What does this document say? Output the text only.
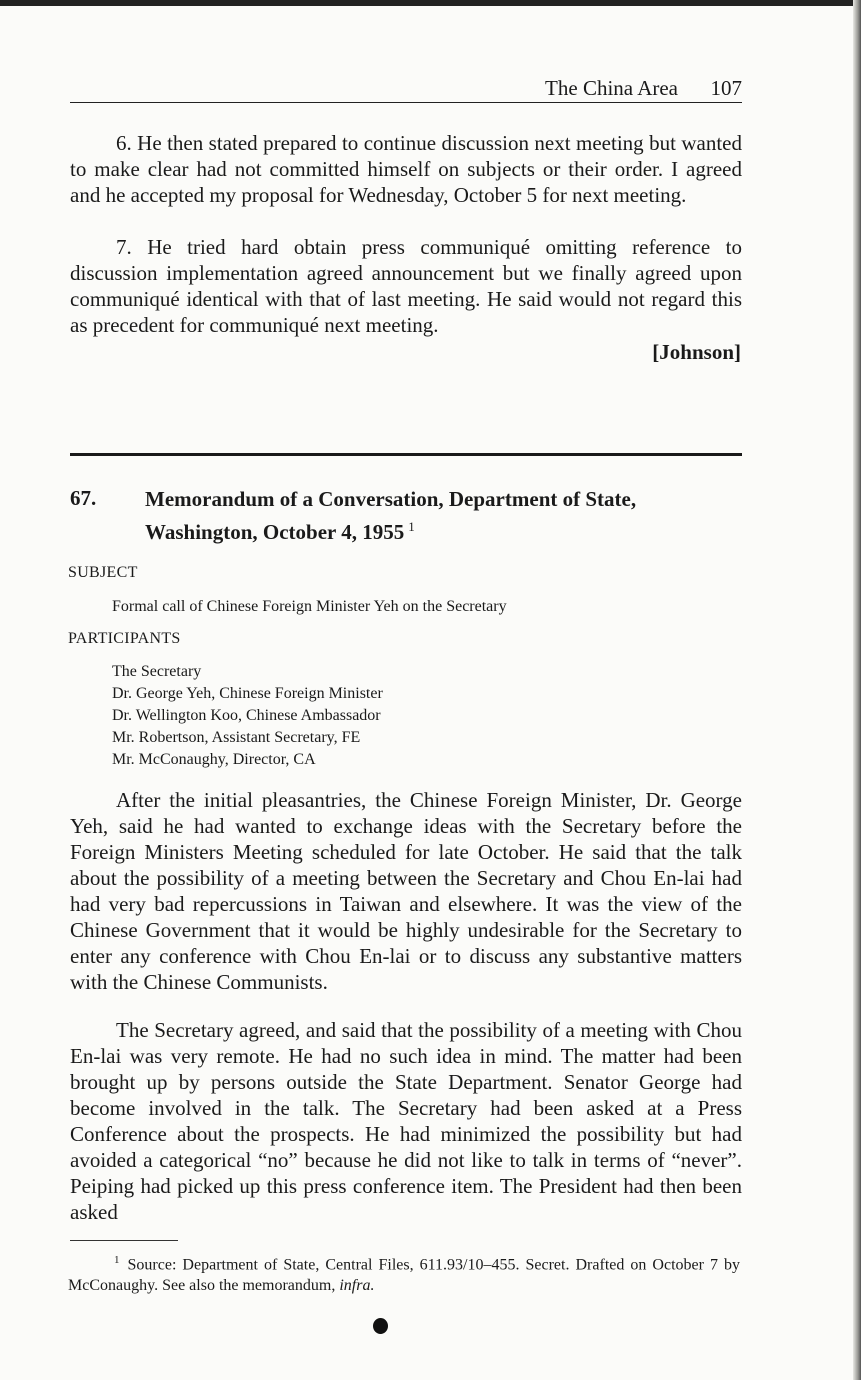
The China Area 107

6. He then stated prepared to continue discussion next meeting but wanted to make clear had not committed himself on subjects or their order. I agreed and he accepted my proposal for Wednesday, October 5 for next meeting.

7. He tried hard obtain press communiqué omitting reference to discussion implementation agreed announcement but we finally agreed upon communiqué identical with that of last meeting. He said would not regard this as precedent for communiqué next meeting.

[Johnson]
67. Memorandum of a Conversation, Department of State, Washington, October 4, 1955 $^1$
SUBJECT
Formal call of Chinese Foreign Minister Yeh on the Secretary
PARTICIPANTS
The Secretary
Dr. George Yeh, Chinese Foreign Minister
Dr. Wellington Koo, Chinese Ambassador
Mr. Robertson, Assistant Secretary, FE
Mr. McConaughy, Director, CA

After the initial pleasantries, the Chinese Foreign Minister, Dr. George Yeh, said he had wanted to exchange ideas with the Secretary before the Foreign Ministers Meeting scheduled for late October. He said that the talk about the possibility of a meeting between the Secretary and Chou En-lai had had very bad repercussions in Taiwan and elsewhere. It was the view of the Chinese Government that it would be highly undesirable for the Secretary to enter any conference with Chou En-lai or to discuss any substantive matters with the Chinese Communists.

The Secretary agreed, and said that the possibility of a meeting with Chou En-lai was very remote. He had no such idea in mind. The matter had been brought up by persons outside the State Department. Senator George had become involved in the talk. The Secretary had been asked at a Press Conference about the prospects. He had minimized the possibility but had avoided a categorical “no” because he did not like to talk in terms of “never”. Peiping had picked up this press conference item. The President had then been asked

$^1$ Source: Department of State, Central Files, 611.93/10–455. Secret. Drafted on October 7 by McConaughy. See also the memorandum, infra.
